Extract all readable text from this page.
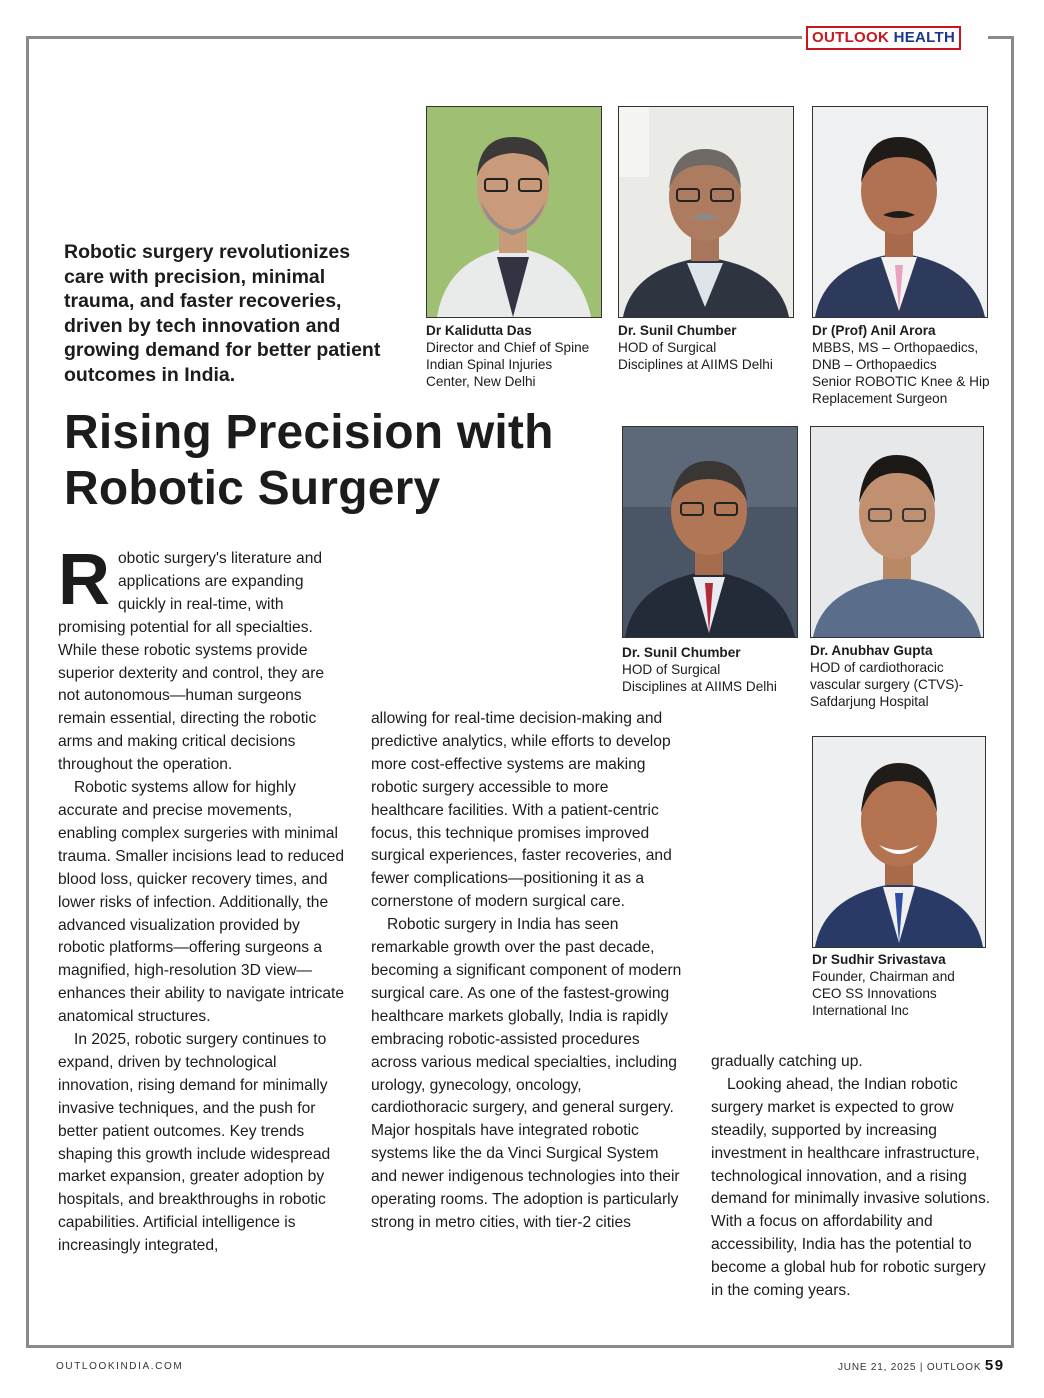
OUTLOOK HEALTH
Robotic surgery revolutionizes care with precision, minimal trauma, and faster recoveries, driven by tech innovation and growing demand for better patient outcomes in India.
Rising Precision with
Robotic Surgery
Dr Kalidutta Das
Director and Chief of Spine
Indian Spinal Injuries
Center, New Delhi
Dr. Sunil Chumber
HOD of Surgical
Disciplines at AIIMS Delhi
Dr (Prof) Anil Arora
MBBS, MS – Orthopaedics,
DNB – Orthopaedics
Senior ROBOTIC Knee & Hip
Replacement Surgeon
Dr. Sunil Chumber
HOD of Surgical
Disciplines at AIIMS Delhi
Dr. Anubhav Gupta
HOD of cardiothoracic
vascular surgery (CTVS)-
Safdarjung Hospital
Dr Sudhir Srivastava
Founder, Chairman and
CEO SS Innovations
International Inc

Robotic surgery's literature and applications are expanding quickly in real-time, with promising potential for all specialties. While these robotic systems provide superior dexterity and control, they are not autonomous—human surgeons remain essential, directing the robotic arms and making critical decisions throughout the operation.

Robotic systems allow for highly accurate and precise movements, enabling complex surgeries with minimal trauma. Smaller incisions lead to reduced blood loss, quicker recovery times, and lower risks of infection. Additionally, the advanced visualization provided by robotic platforms—offering surgeons a magnified, high-resolution 3D view—enhances their ability to navigate intricate anatomical structures.

In 2025, robotic surgery continues to expand, driven by technological innovation, rising demand for minimally invasive techniques, and the push for better patient outcomes. Key trends shaping this growth include widespread market expansion, greater adoption by hospitals, and breakthroughs in robotic capabilities. Artificial intelligence is increasingly integrated,

allowing for real-time decision-making and predictive analytics, while efforts to develop more cost-effective systems are making robotic surgery accessible to more healthcare facilities. With a patient-centric focus, this technique promises improved surgical experiences, faster recoveries, and fewer complications—positioning it as a cornerstone of modern surgical care.

Robotic surgery in India has seen remarkable growth over the past decade, becoming a significant component of modern surgical care. As one of the fastest-growing healthcare markets globally, India is rapidly embracing robotic-assisted procedures across various medical specialties, including urology, gynecology, oncology, cardiothoracic surgery, and general surgery. Major hospitals have integrated robotic systems like the da Vinci Surgical System and newer indigenous technologies into their operating rooms. The adoption is particularly strong in metro cities, with tier-2 cities

gradually catching up.

Looking ahead, the Indian robotic surgery market is expected to grow steadily, supported by increasing investment in healthcare infrastructure, technological innovation, and a rising demand for minimally invasive solutions. With a focus on affordability and accessibility, India has the potential to become a global hub for robotic surgery in the coming years.

OUTLOOKINDIA.COM	JUNE 21, 2025 | OUTLOOK 59
